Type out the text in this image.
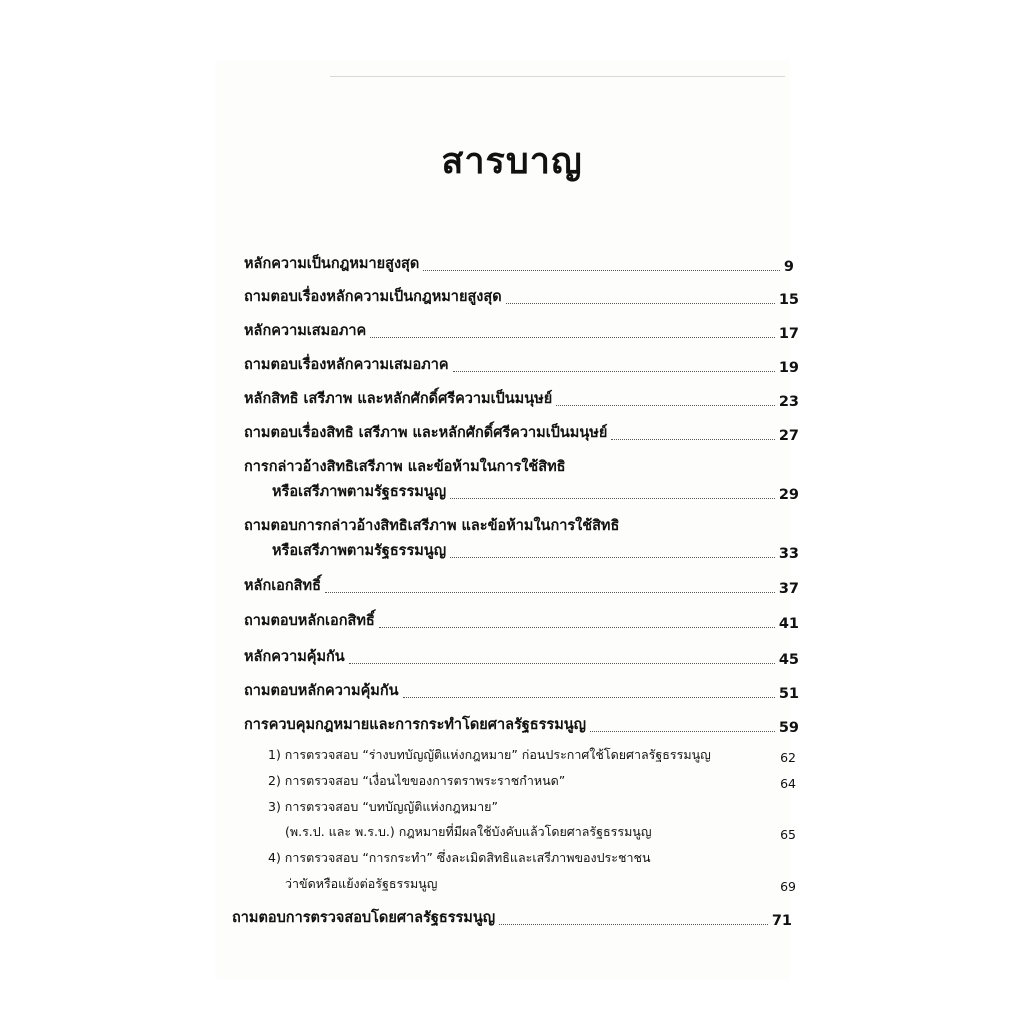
สารบาญ
หลักความเป็นกฎหมายสูงสุด	9
ถามตอบเรื่องหลักความเป็นกฎหมายสูงสุด	15
หลักความเสมอภาค	17
ถามตอบเรื่องหลักความเสมอภาค	19
หลักสิทธิ เสรีภาพ และหลักศักดิ์ศรีความเป็นมนุษย์	23
ถามตอบเรื่องสิทธิ เสรีภาพ และหลักศักดิ์ศรีความเป็นมนุษย์	27
การกล่าวอ้างสิทธิเสรีภาพ และข้อห้ามในการใช้สิทธิ
หรือเสรีภาพตามรัฐธรรมนูญ	29
ถามตอบการกล่าวอ้างสิทธิเสรีภาพ และข้อห้ามในการใช้สิทธิ
หรือเสรีภาพตามรัฐธรรมนูญ	33
หลักเอกสิทธิ์	37
ถามตอบหลักเอกสิทธิ์	41
หลักความคุ้มกัน	45
ถามตอบหลักความคุ้มกัน	51
การควบคุมกฎหมายและการกระทำโดยศาลรัฐธรรมนูญ	59
1) การตรวจสอบ “ร่างบทบัญญัติแห่งกฎหมาย” ก่อนประกาศใช้โดยศาลรัฐธรรมนูญ	62
2) การตรวจสอบ “เงื่อนไขของการตราพระราชกำหนด”	64
3) การตรวจสอบ “บทบัญญัติแห่งกฎหมาย”
(พ.ร.ป. และ พ.ร.บ.) กฎหมายที่มีผลใช้บังคับแล้วโดยศาลรัฐธรรมนูญ	65
4) การตรวจสอบ “การกระทำ” ซึ่งละเมิดสิทธิและเสรีภาพของประชาชน
ว่าขัดหรือแย้งต่อรัฐธรรมนูญ	69
ถามตอบการตรวจสอบโดยศาลรัฐธรรมนูญ	71
